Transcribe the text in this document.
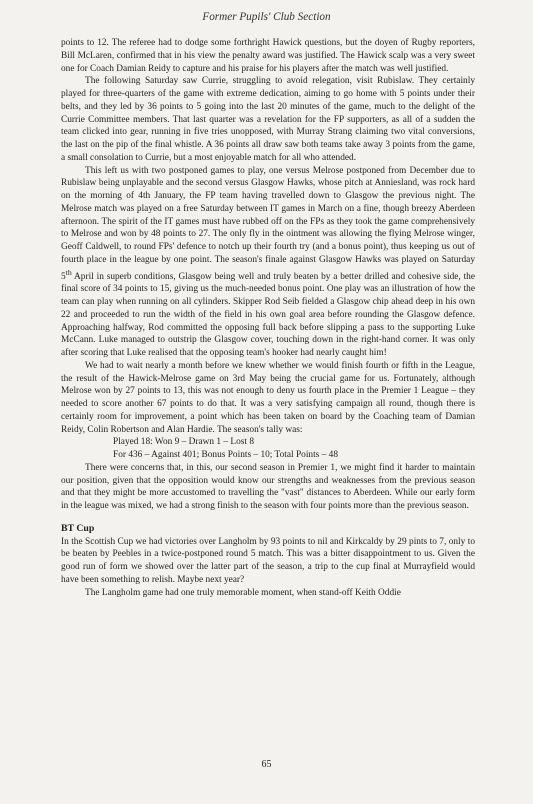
Former Pupils' Club Section

points to 12. The referee had to dodge some forthright Hawick questions, but the doyen of Rugby reporters, Bill McLaren, confirmed that in his view the penalty award was justified. The Hawick scalp was a very sweet one for Coach Damian Reidy to capture and his praise for his players after the match was well justified.

The following Saturday saw Currie, struggling to avoid relegation, visit Rubislaw. They certainly played for three-quarters of the game with extreme dedication, aiming to go home with 5 points under their belts, and they led by 36 points to 5 going into the last 20 minutes of the game, much to the delight of the Currie Committee members. That last quarter was a revelation for the FP supporters, as all of a sudden the team clicked into gear, running in five tries unopposed, with Murray Strang claiming two vital conversions, the last on the pip of the final whistle. A 36 points all draw saw both teams take away 3 points from the game, a small consolation to Currie, but a most enjoyable match for all who attended.

This left us with two postponed games to play, one versus Melrose postponed from December due to Rubislaw being unplayable and the second versus Glasgow Hawks, whose pitch at Anniesland, was rock hard on the morning of 4th January, the FP team having travelled down to Glasgow the previous night. The Melrose match was played on a free Saturday between IT games in March on a fine, though breezy Aberdeen afternoon. The spirit of the IT games must have rubbed off on the FPs as they took the game comprehensively to Melrose and won by 48 points to 27. The only fly in the ointment was allowing the flying Melrose winger, Geoff Caldwell, to round FPs' defence to notch up their fourth try (and a bonus point), thus keeping us out of fourth place in the league by one point. The season's finale against Glasgow Hawks was played on Saturday 5th April in superb conditions, Glasgow being well and truly beaten by a better drilled and cohesive side, the final score of 34 points to 15, giving us the much-needed bonus point. One play was an illustration of how the team can play when running on all cylinders. Skipper Rod Seib fielded a Glasgow chip ahead deep in his own 22 and proceeded to run the width of the field in his own goal area before rounding the Glasgow defence. Approaching halfway, Rod committed the opposing full back before slipping a pass to the supporting Luke McCann. Luke managed to outstrip the Glasgow cover, touching down in the right-hand corner. It was only after scoring that Luke realised that the opposing team's hooker had nearly caught him!

We had to wait nearly a month before we knew whether we would finish fourth or fifth in the League, the result of the Hawick-Melrose game on 3rd May being the crucial game for us. Fortunately, although Melrose won by 27 points to 13, this was not enough to deny us fourth place in the Premier 1 League – they needed to score another 67 points to do that. It was a very satisfying campaign all round, though there is certainly room for improvement, a point which has been taken on board by the Coaching team of Damian Reidy, Colin Robertson and Alan Hardie. The season's tally was:

Played 18: Won 9 – Drawn 1 – Lost 8

For 436 – Against 401; Bonus Points – 10; Total Points – 48

There were concerns that, in this, our second season in Premier 1, we might find it harder to maintain our position, given that the opposition would know our strengths and weaknesses from the previous season and that they might be more accustomed to travelling the "vast" distances to Aberdeen. While our early form in the league was mixed, we had a strong finish to the season with four points more than the previous season.

BT Cup

In the Scottish Cup we had victories over Langholm by 93 points to nil and Kirkcaldy by 29 pints to 7, only to be beaten by Peebles in a twice-postponed round 5 match. This was a bitter disappointment to us. Given the good run of form we showed over the latter part of the season, a trip to the cup final at Murrayfield would have been something to relish. Maybe next year?

The Langholm game had one truly memorable moment, when stand-off Keith Oddie

65
